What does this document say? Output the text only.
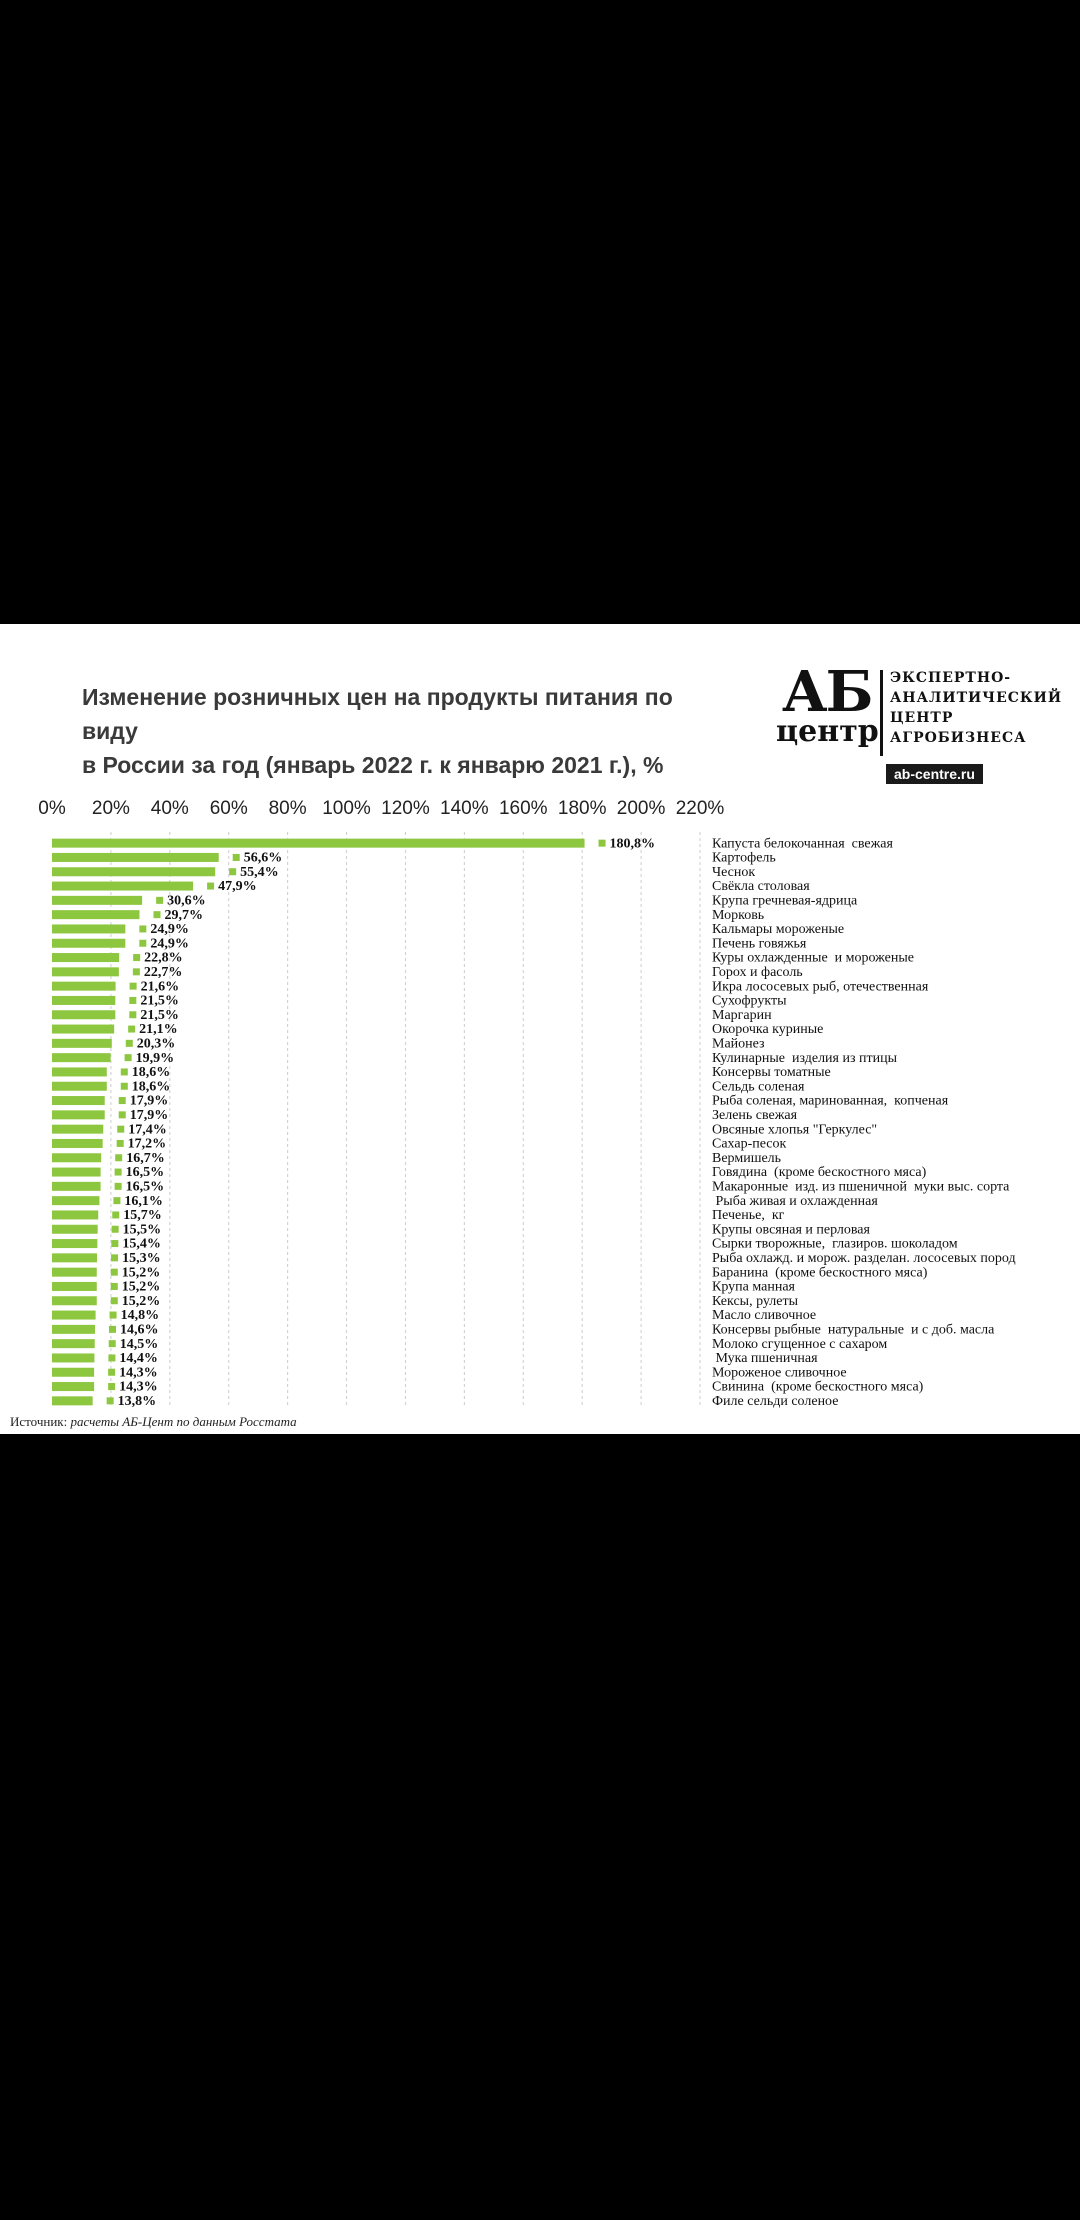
Изменение розничных цен на продукты питания по виду
в России за год (январь 2022 г. к январю 2021 г.), %
АБ
центр
ЭКСПЕРТНО-
АНАЛИТИЧЕСКИЙ
ЦЕНТР
АГРОБИЗНЕСА
ab-centre.ru
0% 20% 40% 60% 80% 100% 120% 140% 160% 180% 200% 220%
180,8%	Капуста белокочанная  свежая
56,6%	Картофель
55,4%	Чеснок
47,9%	Свёкла столовая
30,6%	Крупа гречневая-ядрица
29,7%	Морковь
24,9%	Кальмары мороженые
24,9%	Печень говяжья
22,8%	Куры охлажденные  и мороженые
22,7%	Горох и фасоль
21,6%	Икра лососевых рыб, отечественная
21,5%	Сухофрукты
21,5%	Маргарин
21,1%	Окорочка куриные
20,3%	Майонез
19,9%	Кулинарные  изделия из птицы
18,6%	Консервы томатные
18,6%	Сельдь соленая
17,9%	Рыба соленая, маринованная,  копченая
17,9%	Зелень свежая
17,4%	Овсяные хлопья "Геркулес"
17,2%	Сахар-песок
16,7%	Вермишель
16,5%	Говядина  (кроме бескостного мяса)
16,5%	Макаронные  изд. из пшеничной  муки выс. сорта
16,1%	Рыба живая и охлажденная
15,7%	Печенье,  кг
15,5%	Крупы овсяная и перловая
15,4%	Сырки творожные,  глазиров. шоколадом
15,3%	Рыба охлажд. и морож. разделан. лососевых пород
15,2%	Баранина  (кроме бескостного мяса)
15,2%	Крупа манная
15,2%	Кексы, рулеты
14,8%	Масло сливочное
14,6%	Консервы рыбные  натуральные  и с доб. масла
14,5%	Молоко сгущенное с сахаром
14,4%	Мука пшеничная
14,3%	Мороженое сливочное
14,3%	Свинина  (кроме бескостного мяса)
13,8%	Филе сельди соленое
Источник: расчеты АБ-Цент по данным Росстата
